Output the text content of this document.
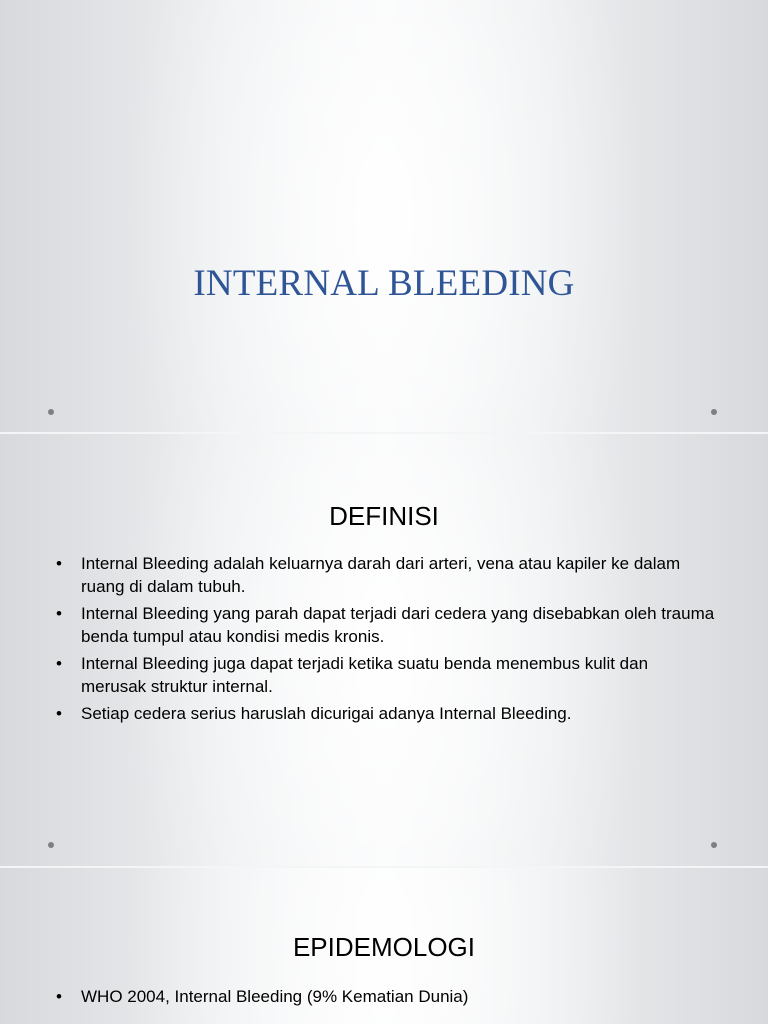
INTERNAL BLEEDING
DEFINISI
• Internal Bleeding adalah keluarnya darah dari arteri, vena atau kapiler ke dalam ruang di dalam tubuh.
• Internal Bleeding yang parah dapat terjadi dari cedera yang disebabkan oleh trauma benda tumpul atau kondisi medis kronis.
• Internal Bleeding juga dapat terjadi ketika suatu benda menembus kulit dan merusak struktur internal.
• Setiap cedera serius haruslah dicurigai adanya Internal Bleeding.
EPIDEMOLOGI
• WHO 2004, Internal Bleeding (9% Kematian Dunia)
